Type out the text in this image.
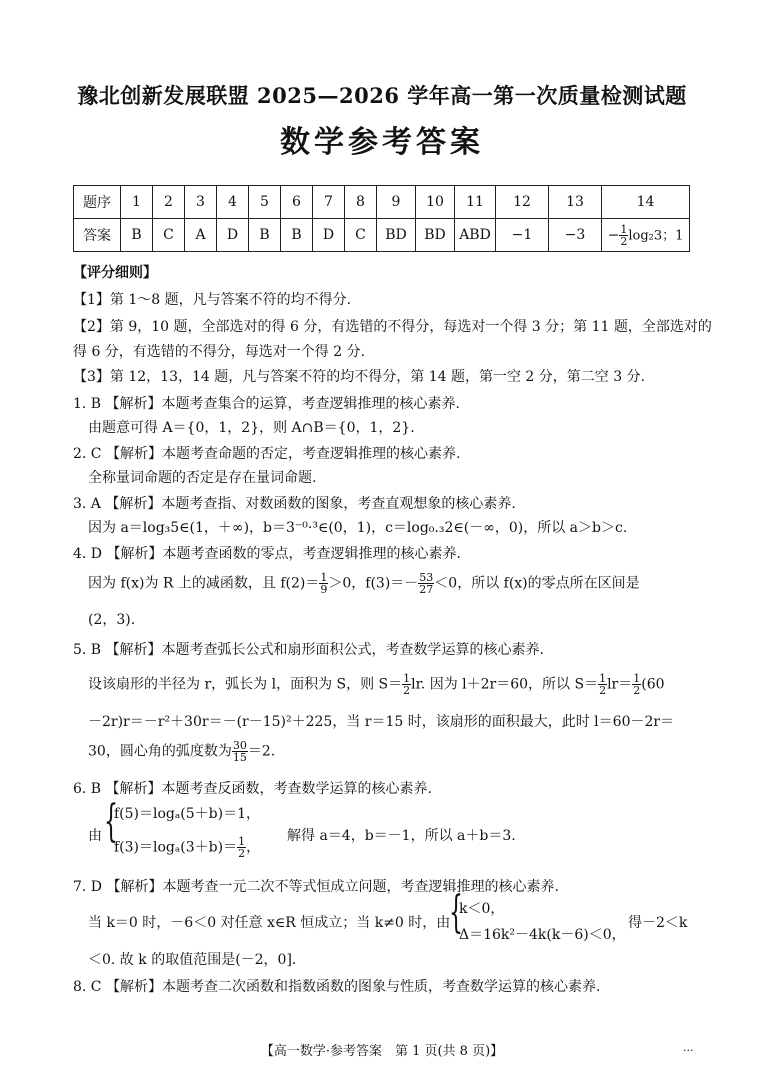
豫北创新发展联盟 2025—2026 学年高一第一次质量检测试题
数学参考答案
题序	1	2	3	4	5	6	7	8	9	10	11	12	13	14
答案	B	C	A	D	B	B	D	C	BD	BD	ABD	−1	−3	− $\frac{1}{2} \log_23$；1
【评分细则】
【1】第 1～8 题，凡与答案不符的均不得分.
【2】第 9，10 题，全部选对的得 6 分，有选错的不得分，每选对一个得 3 分；第 11 题，全部选对的
得 6 分，有选错的不得分，每选对一个得 2 分.
【3】第 12，13，14 题，凡与答案不符的均不得分，第 14 题，第一空 2 分，第二空 3 分.
1. B 【解析】本题考查集合的运算，考查逻辑推理的核心素养.
由题意可得 A＝{0，1，2}，则 A∩B＝{0，1，2}.
2. C 【解析】本题考查命题的否定，考查逻辑推理的核心素养.
全称量词命题的否定是存在量词命题.
3. A 【解析】本题考查指、对数函数的图象，考查直观想象的核心素养.
因为 a＝log₃5∈(1，＋∞)，b＝3⁻⁰·³∈(0，1)，c＝log₀.₃2∈(－∞，0)，所以 a＞b＞c.
4. D 【解析】本题考查函数的零点，考查逻辑推理的核心素养.
因为 f(x)为 R 上的减函数，且 $f(2)= \frac{1}{9} >0$，$f(3)=- \frac{53}{27} <0$，所以 f(x)的零点所在区间是
(2，3).
5. B 【解析】本题考查弧长公式和扇形面积公式，考查数学运算的核心素养.
设该扇形的半径为 r，弧长为 l，面积为 S，则 $S= \frac{1}{2}$ lr. 因为 l＋2r＝60，所以 $S= \frac{1}{2} lr= \frac{1}{2} (60$
－2r)r＝－r²＋30r＝－(r－15)²＋225，当 r＝15 时，该扇形的面积最大，此时 l＝60－2r＝
30，圆心角的弧度数为 $\frac{30}{15} =2$.
6. B 【解析】本题考查反函数，考查数学运算的核心素养.
由 {
f(5)＝logₐ(5＋b)＝1，
$f(3)=\log_a(3+b)= \frac{1}{2}$ ，
解得 a＝4，b＝－1，所以 a＋b＝3.
7. D 【解析】本题考查一元二次不等式恒成立问题，考查逻辑推理的核心素养.
当 k＝0 时，－6＜0 对任意 x∈R 恒成立；当 k≠0 时，由
{
k＜0，
Δ＝16k²－4k(k－6)＜0，
得－2＜k
＜0. 故 k 的取值范围是(－2，0].
8. C 【解析】本题考查二次函数和指数函数的图象与性质，考查数学运算的核心素养.
【高一数学·参考答案　第 1 页(共 8 页)】	...
